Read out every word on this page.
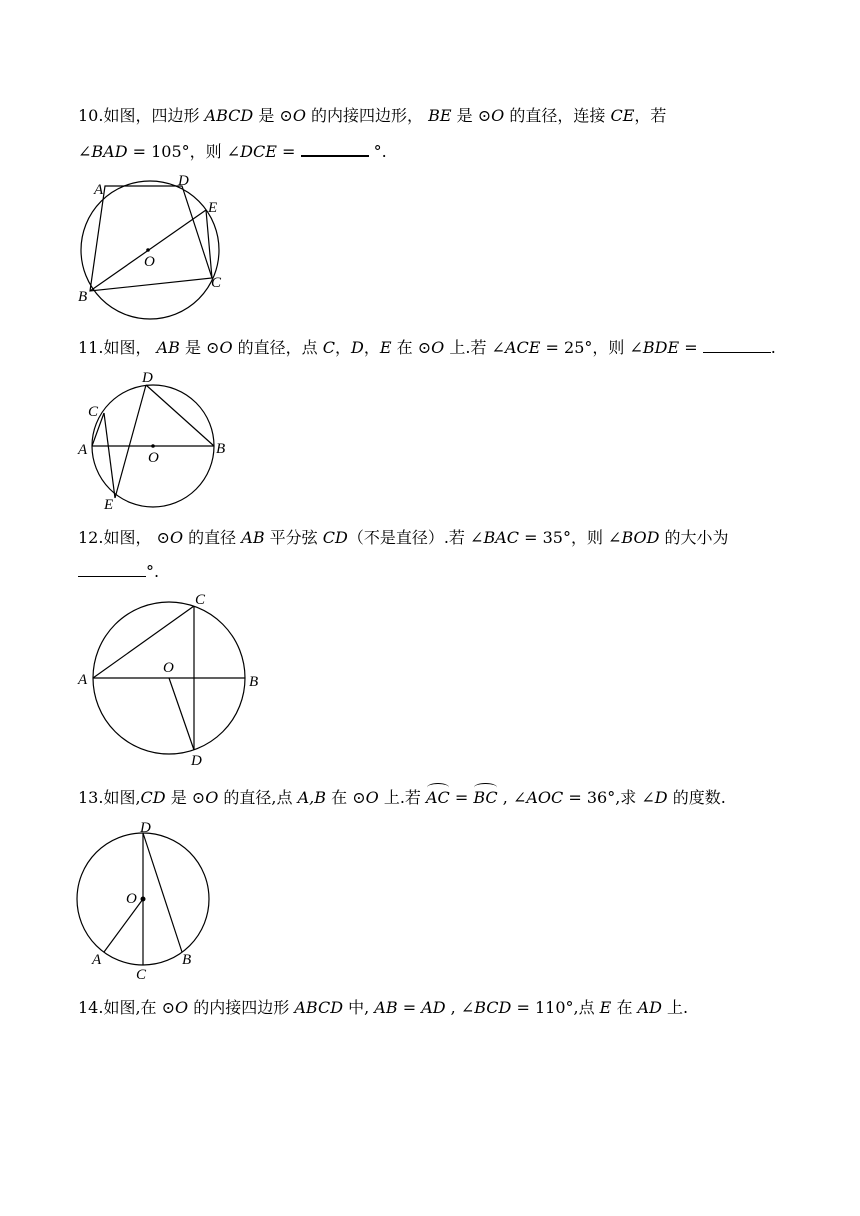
10.如图，四边形 ABCD 是 ⊙O 的内接四边形， BE 是 ⊙O 的直径，连接 CE，若
∠BAD = 105°，则 ∠DCE =	°.
A
D
E
C
B
O
11.如图， AB 是 ⊙O 的直径，点 C，D，E 在 ⊙O 上.若 ∠ACE = 25°，则 ∠BDE =	.
D
C
A	B
O
E
12.如图， ⊙O 的直径 AB 平分弦 CD（不是直径）.若 ∠BAC = 35°，则 ∠BOD 的大小为
°.
C
A	B
O
D
13.如图,CD 是 ⊙O 的直径,点 A,B 在 ⊙O 上.若 AC = BC , ∠AOC = 36°,求 ∠D 的度数.
D
O
A	B
C
14.如图,在 ⊙O 的内接四边形 ABCD 中, AB = AD , ∠BCD = 110°,点 E 在 AD 上.
